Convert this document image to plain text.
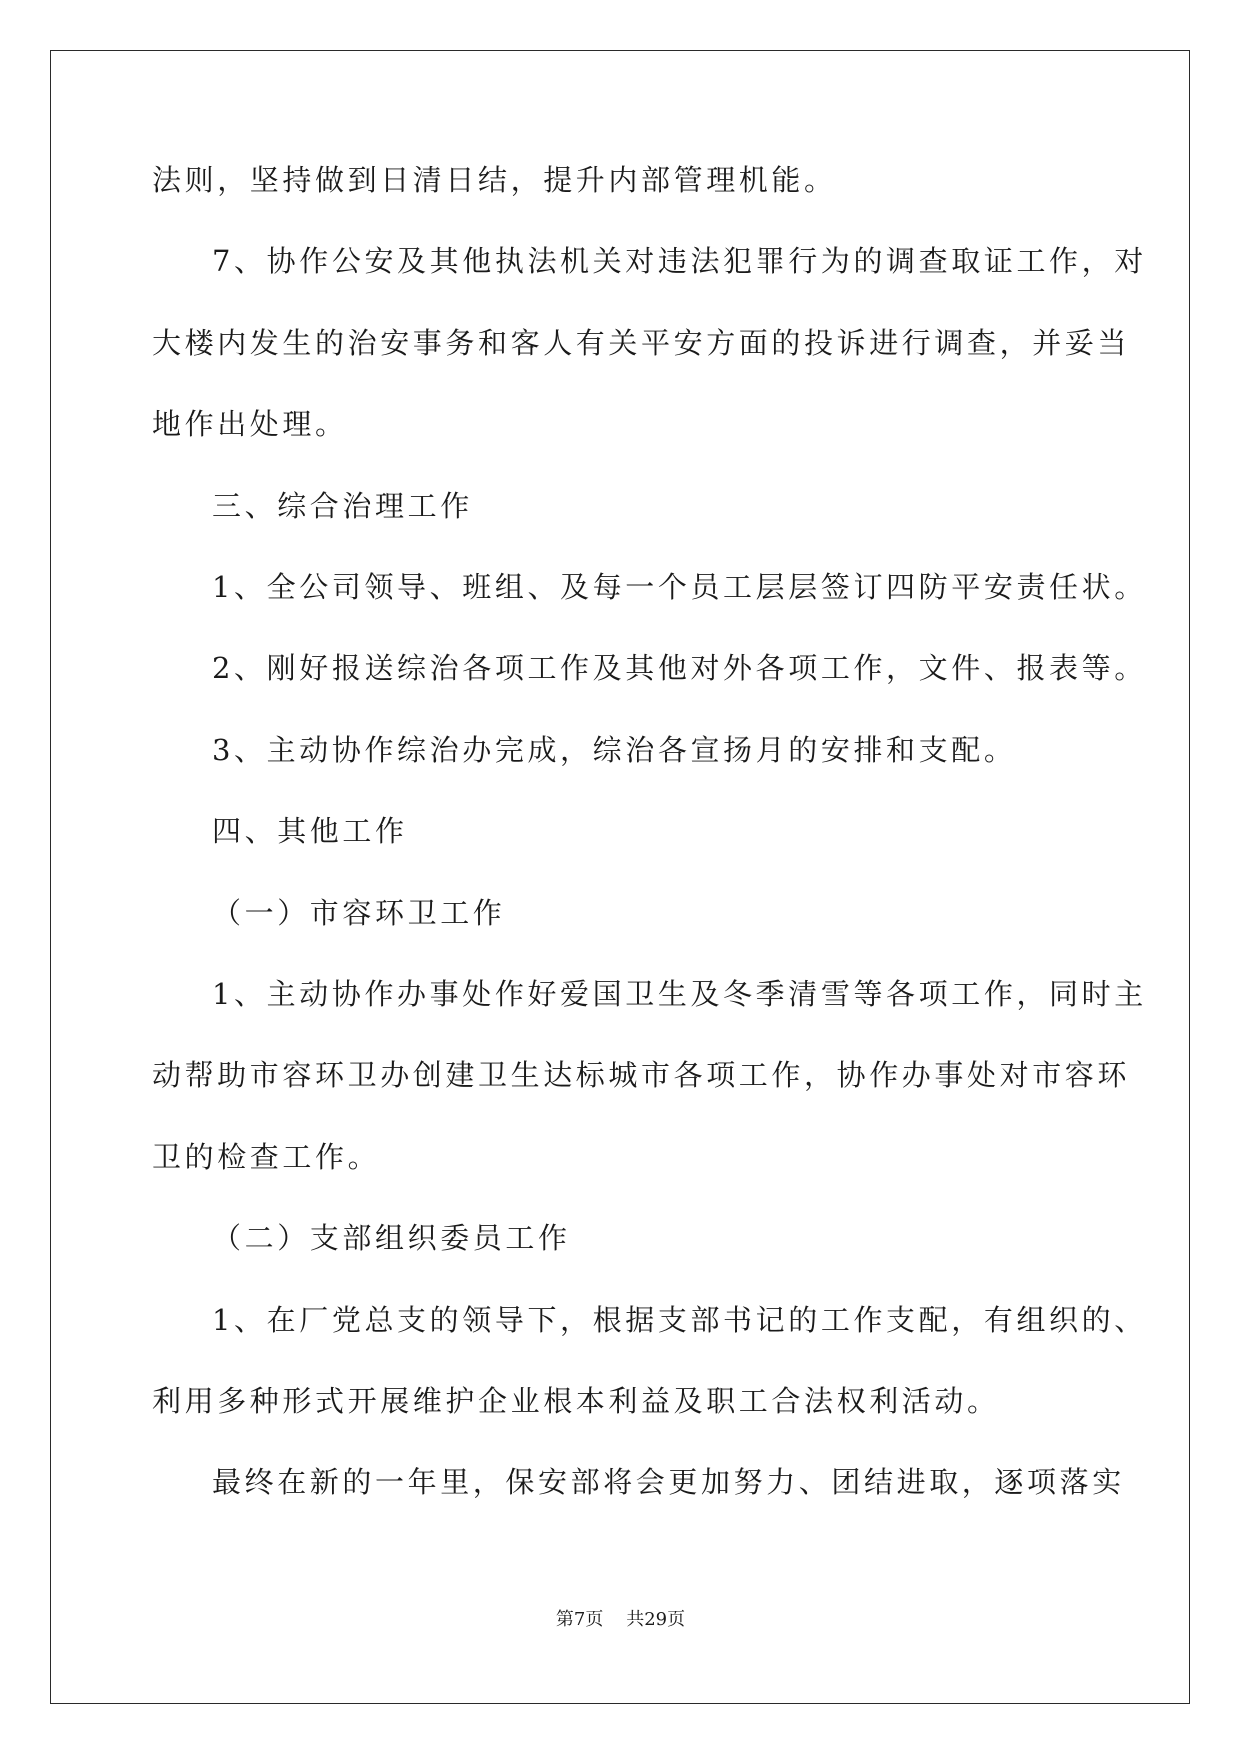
法则，坚持做到日清日结，提升内部管理机能。
7、协作公安及其他执法机关对违法犯罪行为的调查取证工作，对
大楼内发生的治安事务和客人有关平安方面的投诉进行调查，并妥当
地作出处理。
三、综合治理工作
1、全公司领导、班组、及每一个员工层层签订四防平安责任状。
2、刚好报送综治各项工作及其他对外各项工作，文件、报表等。
3、主动协作综治办完成，综治各宣扬月的安排和支配。
四、其他工作
（一）市容环卫工作
1、主动协作办事处作好爱国卫生及冬季清雪等各项工作，同时主
动帮助市容环卫办创建卫生达标城市各项工作，协作办事处对市容环
卫的检查工作。
（二）支部组织委员工作
1、在厂党总支的领导下，根据支部书记的工作支配，有组织的、
利用多种形式开展维护企业根本利益及职工合法权利活动。
最终在新的一年里，保安部将会更加努力、团结进取，逐项落实
第7页 共29页
